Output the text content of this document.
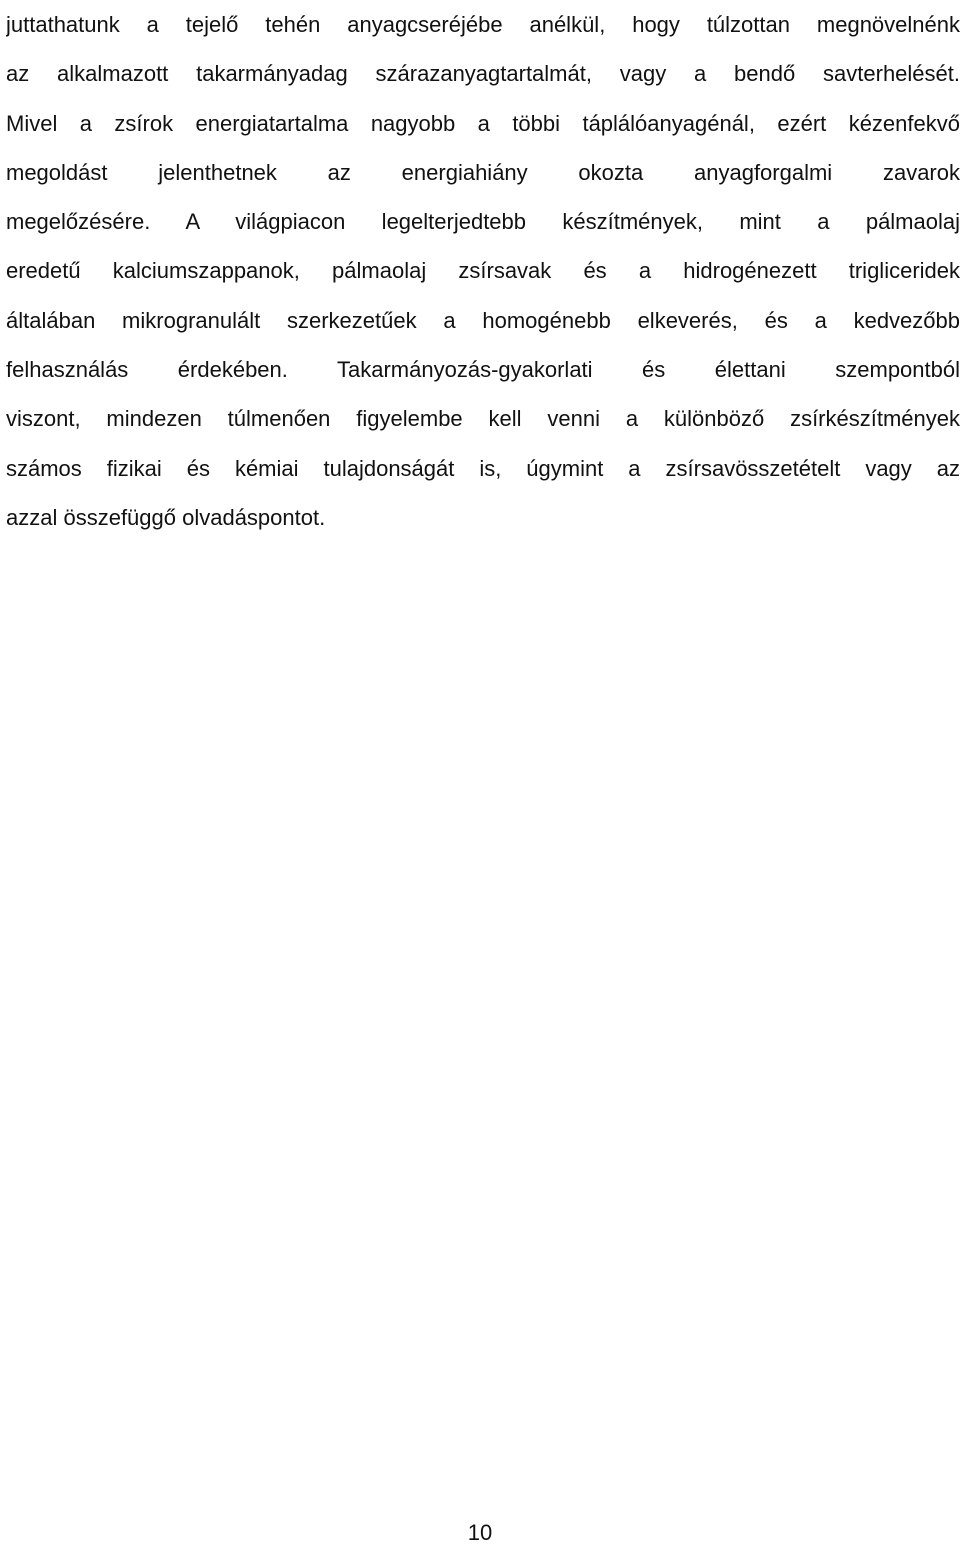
juttathatunk a tejelő tehén anyagcseréjébe anélkül, hogy túlzottan megnövelnénk
az alkalmazott takarmányadag szárazanyagtartalmát, vagy a bendő savterhelését.
Mivel a zsírok energiatartalma nagyobb a többi táplálóanyagénál, ezért kézenfekvő
megoldást jelenthetnek az energiahiány okozta anyagforgalmi zavarok
megelőzésére. A világpiacon legelterjedtebb készítmények, mint a pálmaolaj
eredetű kalciumszappanok, pálmaolaj zsírsavak és a hidrogénezett trigliceridek
általában mikrogranulált szerkezetűek a homogénebb elkeverés, és a kedvezőbb
felhasználás érdekében. Takarmányozás-gyakorlati és élettani szempontból
viszont, mindezen túlmenően figyelembe kell venni a különböző zsírkészítmények
számos fizikai és kémiai tulajdonságát is, úgymint a zsírsavösszetételt vagy az
azzal összefüggő olvadáspontot.

10
